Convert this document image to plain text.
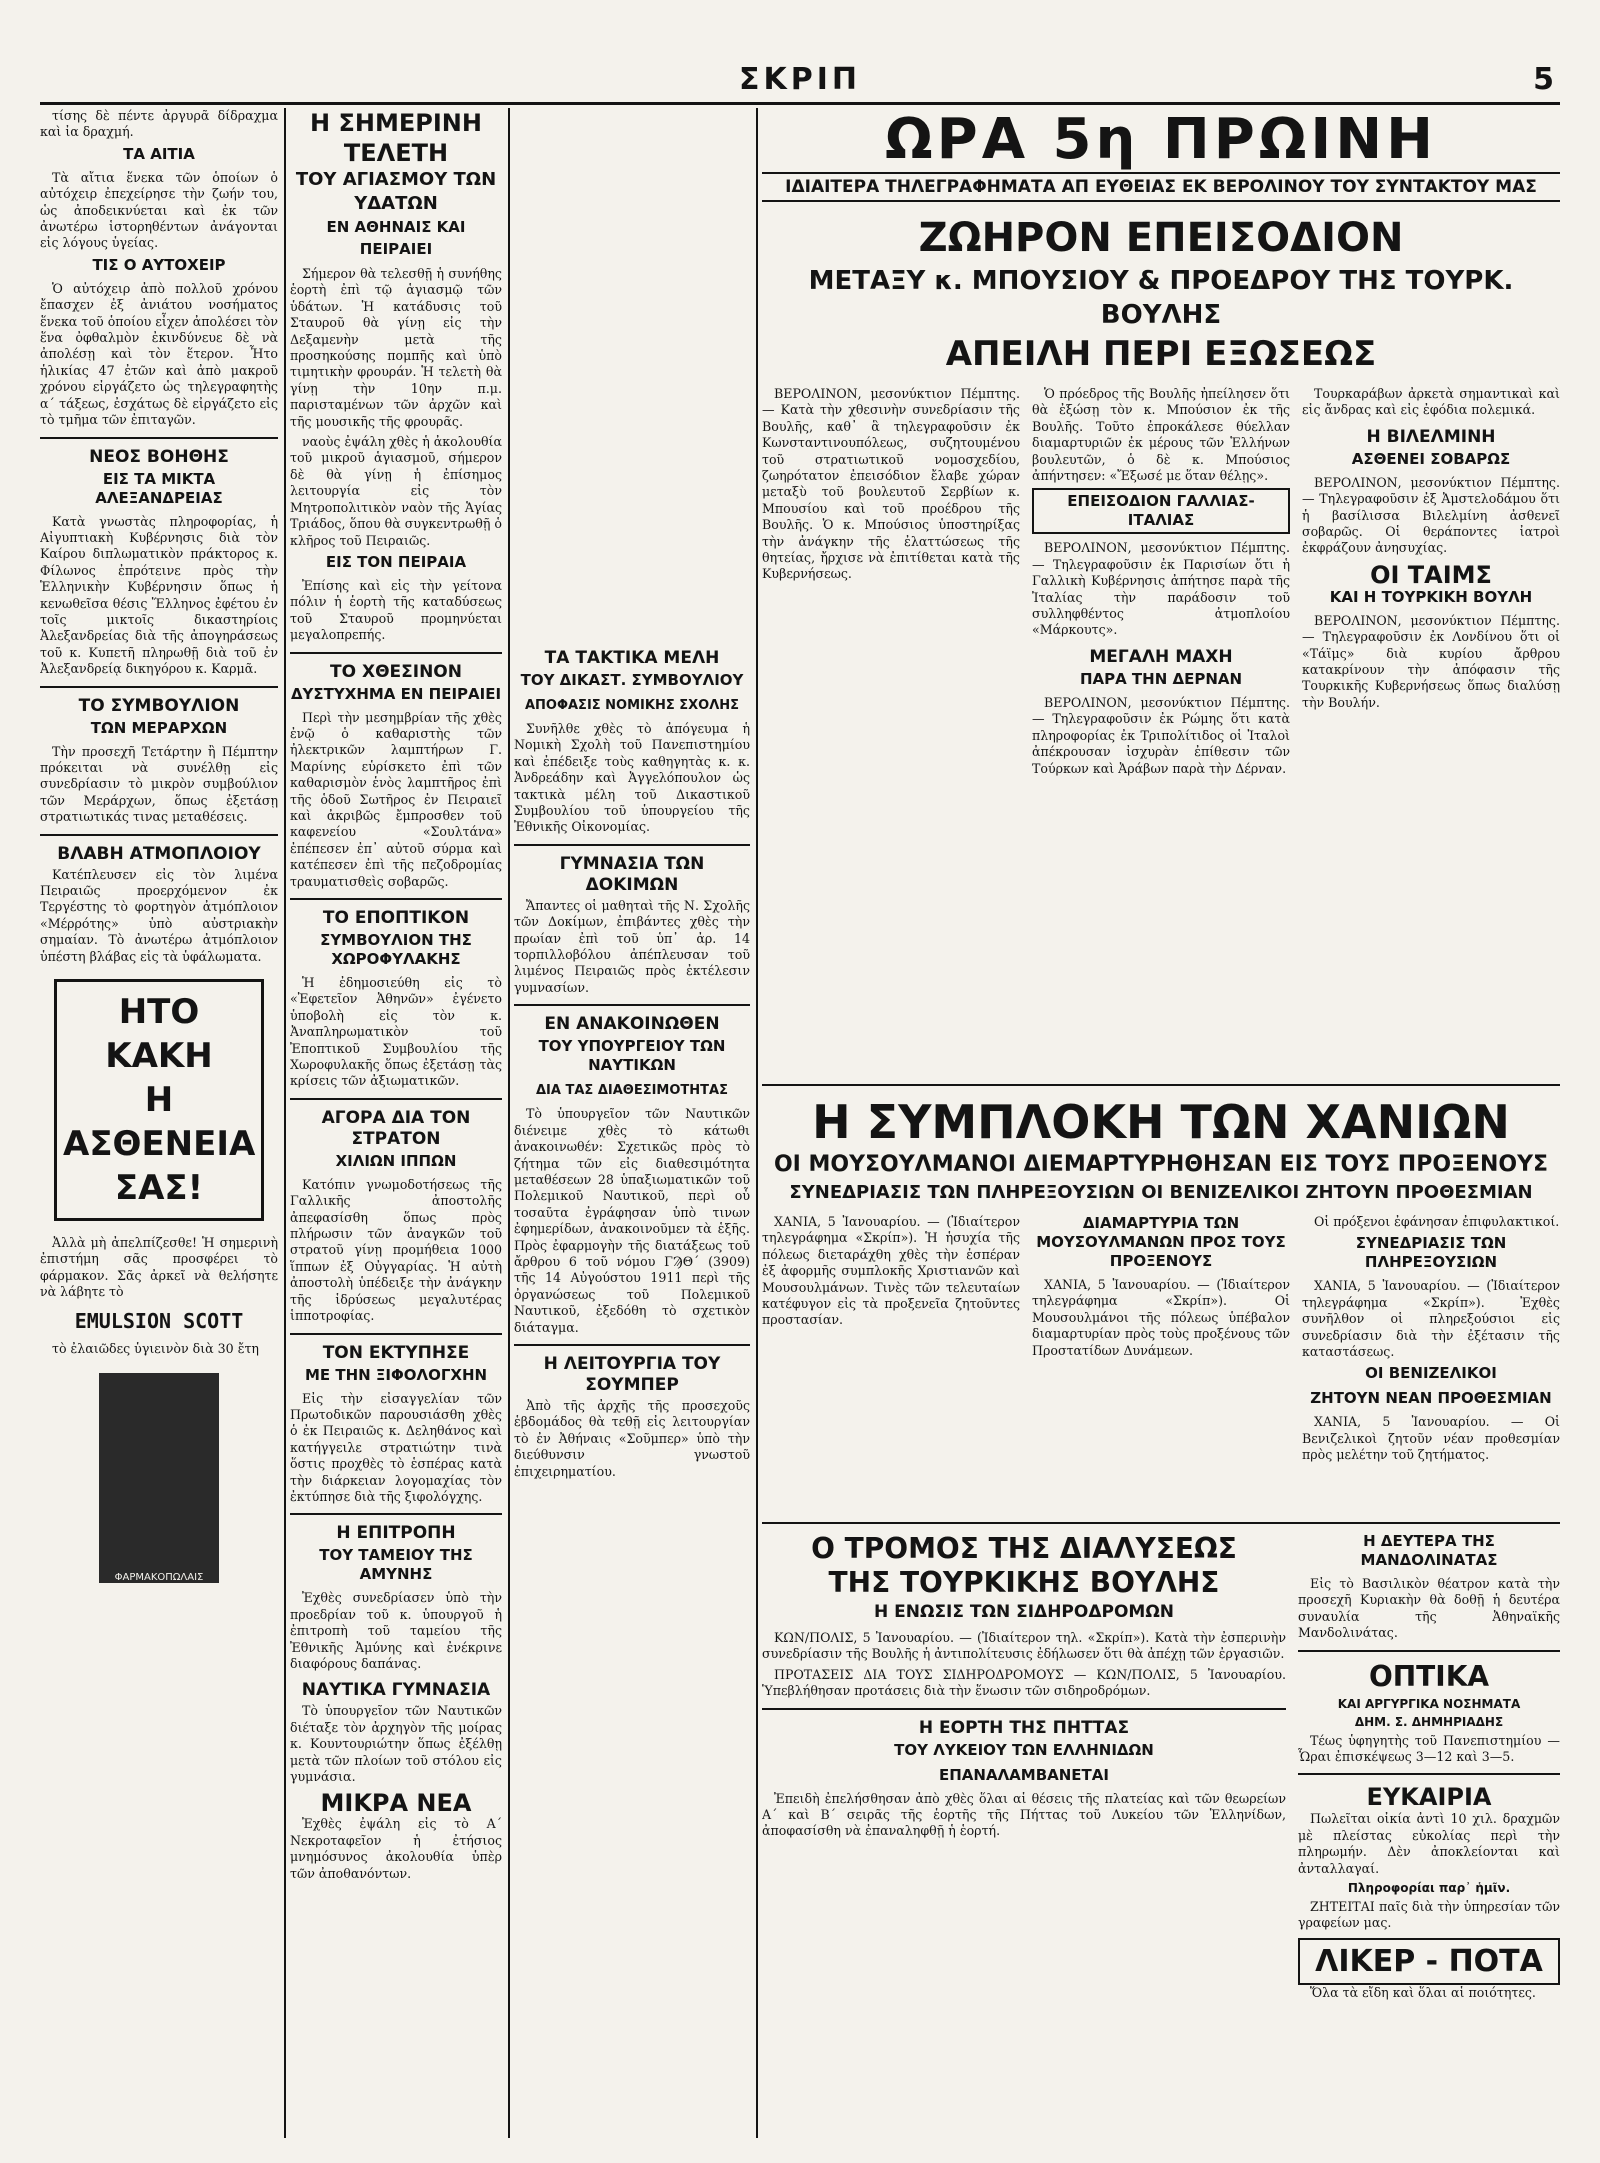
ΣΚΡΙΠ	5

τίσης δὲ πέντε ἀργυρᾶ δίδραχμα καὶ ἰα δραχμή.

ΤΑ ΑΙΤΙΑ

Τὰ αἴτια ἕνεκα τῶν ὁποίων ὁ αὐτόχειρ ἐπεχείρησε τὴν ζωήν του, ὡς ἀποδεικνύεται καὶ ἐκ τῶν ἀνωτέρω ἱστορηθέντων ἀνάγονται εἰς λόγους ὑγείας.

ΤΙΣ Ο ΑΥΤΟΧΕΙΡ

Ὁ αὐτόχειρ ἀπὸ πολλοῦ χρόνου ἔπασχεν ἐξ ἀνιάτου νοσήματος ἕνεκα τοῦ ὁποίου εἶχεν ἀπολέσει τὸν ἕνα ὀφθαλμὸν ἐκινδύνευε δὲ νὰ ἀπολέσῃ καὶ τὸν ἕτερον. Ἦτο ἡλικίας 47 ἐτῶν καὶ ἀπὸ μακροῦ χρόνου εἰργάζετο ὡς τηλεγραφητὴς α΄ τάξεως, ἐσχάτως δὲ εἰργάζετο εἰς τὸ τμῆμα τῶν ἐπιταγῶν.

ΝΕΟΣ ΒΟΗΘΗΣ
ΕΙΣ ΤΑ ΜΙΚΤΑ ΑΛΕΞΑΝΔΡΕΙΑΣ

Κατὰ γνωστὰς πληροφορίας, ἡ Αἰγυπτιακὴ Κυβέρνησις διὰ τὸν Καίρου διπλωματικὸν πράκτορος κ. Φίλωνος ἐπρότεινε πρὸς τὴν Ἑλληνικὴν Κυβέρνησιν ὅπως ἡ κενωθεῖσα θέσις Ἕλληνος ἐφέτου ἐν τοῖς μικτοῖς δικαστηρίοις Ἀλεξανδρείας διὰ τῆς ἀπογηράσεως τοῦ κ. Κυπετῆ πληρωθῇ διὰ τοῦ ἐν Ἀλεξανδρείᾳ δικηγόρου κ. Καρμᾶ.

ΤΟ ΣΥΜΒΟΥΛΙΟΝ
ΤΩΝ ΜΕΡΑΡΧΩΝ

Τὴν προσεχῆ Τετάρτην ἢ Πέμπτην πρόκειται νὰ συνέλθῃ εἰς συνεδρίασιν τὸ μικρὸν συμβούλιον τῶν Μεράρχων, ὅπως ἐξετάσῃ στρατιωτικάς τινας μεταθέσεις.

ΒΛΑΒΗ ΑΤΜΟΠΛΟΙΟΥ

Κατέπλευσεν εἰς τὸν λιμένα Πειραιῶς προερχόμενον ἐκ Τεργέστης τὸ φορτηγὸν ἀτμόπλοιον «Μέρρότης» ὑπὸ αὐστριακὴν σημαίαν. Τὸ ἀνωτέρω ἀτμόπλοιον ὑπέστη βλάβας εἰς τὰ ὑφάλωματα.

ΗΤΟ ΚΑΚΗ
Η ΑΣΘΕΝΕΙΑ
ΣΑΣ!

Ἀλλὰ μὴ ἀπελπίζεσθε! Ἡ σημερινὴ ἐπιστήμη σᾶς προσφέρει τὸ φάρμακον. Σᾶς ἀρκεῖ νὰ θελήσητε νὰ λάβητε τὸ

EMULSION SCOTT

τὸ ἐλαιῶδες ὑγιεινὸν διὰ 30 ἔτη

ΦΑΡΜΑΚΟΠΩΛΑΙΣ
Η ΣΗΜΕΡΙΝΗ ΤΕΛΕΤΗ
ΤΟΥ ΑΓΙΑΣΜΟΥ ΤΩΝ ΥΔΑΤΩΝ
ΕΝ ΑΘΗΝΑΙΣ ΚΑΙ ΠΕΙΡΑΙΕΙ

Σήμερον θὰ τελεσθῇ ἡ συνήθης ἑορτὴ ἐπὶ τῷ ἁγιασμῷ τῶν ὑδάτων. Ἡ κατάδυσις τοῦ Σταυροῦ θὰ γίνῃ εἰς τὴν Δεξαμενὴν μετὰ τῆς προσηκούσης πομπῆς καὶ ὑπὸ τιμητικὴν φρουράν. Ἡ τελετὴ θὰ γίνῃ τὴν 10ην π.μ. παρισταμένων τῶν ἀρχῶν καὶ τῆς μουσικῆς τῆς φρουρᾶς.

ναοὺς ἐψάλη χθὲς ἡ ἀκολουθία τοῦ μικροῦ ἁγιασμοῦ, σήμερον δὲ θὰ γίνῃ ἡ ἐπίσημος λειτουργία εἰς τὸν Μητροπολιτικὸν ναὸν τῆς Ἁγίας Τριάδος, ὅπου θὰ συγκεντρωθῇ ὁ κλῆρος τοῦ Πειραιῶς.

ΕΙΣ ΤΟΝ ΠΕΙΡΑΙΑ

Ἐπίσης καὶ εἰς τὴν γείτονα πόλιν ἡ ἑορτὴ τῆς καταδύσεως τοῦ Σταυροῦ προμηνύεται μεγαλοπρεπής.

ΤΟ ΧΘΕΣΙΝΟΝ
ΔΥΣΤΥΧΗΜΑ ΕΝ ΠΕΙΡΑΙΕΙ

Περὶ τὴν μεσημβρίαν τῆς χθὲς ἐνῷ ὁ καθαριστὴς τῶν ἠλεκτρικῶν λαμπτήρων Γ. Μαρίνης εὑρίσκετο ἐπὶ τῶν καθαρισμὸν ἑνὸς λαμπτῆρος ἐπὶ τῆς ὁδοῦ Σωτῆρος ἐν Πειραιεῖ καὶ ἀκριβῶς ἔμπροσθεν τοῦ καφενείου «Σουλτάνα» ἐπέπεσεν ἐπ᾽ αὐτοῦ σύρμα καὶ κατέπεσεν ἐπὶ τῆς πεζοδρομίας τραυματισθεὶς σοβαρῶς.

ΤΟ ΕΠΟΠΤΙΚΟΝ
ΣΥΜΒΟΥΛΙΟΝ ΤΗΣ ΧΩΡΟΦΥΛΑΚΗΣ

Ἡ ἐδημοσιεύθη εἰς τὸ «Ἐφετεῖον Ἀθηνῶν» ἐγένετο ὑποβολὴ εἰς τὸν κ. Ἀναπληρωματικὸν τοῦ Ἐποπτικοῦ Συμβουλίου τῆς Χωροφυλακῆς ὅπως ἐξετάσῃ τὰς κρίσεις τῶν ἀξιωματικῶν.

ΑΓΟΡΑ ΔΙΑ ΤΟΝ ΣΤΡΑΤΟΝ
ΧΙΛΙΩΝ ΙΠΠΩΝ

Κατόπιν γνωμοδοτήσεως τῆς Γαλλικῆς ἀποστολῆς ἀπεφασίσθη ὅπως πρὸς πλήρωσιν τῶν ἀναγκῶν τοῦ στρατοῦ γίνῃ προμήθεια 1000 ἵππων ἐξ Οὐγγαρίας. Ἡ αὐτὴ ἀποστολὴ ὑπέδειξε τὴν ἀνάγκην τῆς ἱδρύσεως μεγαλυτέρας ἱπποτροφίας.

ΤΟΝ ΕΚΤΥΠΗΣΕ
ΜΕ ΤΗΝ ΞΙΦΟΛΟΓΧΗΝ

Εἰς τὴν εἰσαγγελίαν τῶν Πρωτοδικῶν παρουσιάσθη χθὲς ὁ ἐκ Πειραιῶς κ. Δεληθάνος καὶ κατήγγειλε στρατιώτην τινὰ ὅστις προχθὲς τὸ ἑσπέρας κατὰ τὴν διάρκειαν λογομαχίας τὸν ἐκτύπησε διὰ τῆς ξιφολόγχης.

Η ΕΠΙΤΡΟΠΗ
ΤΟΥ ΤΑΜΕΙΟΥ ΤΗΣ ΑΜΥΝΗΣ

Ἐχθὲς συνεδρίασεν ὑπὸ τὴν προεδρίαν τοῦ κ. ὑπουργοῦ ἡ ἐπιτροπὴ τοῦ ταμείου τῆς Ἐθνικῆς Ἀμύνης καὶ ἐνέκρινε διαφόρους δαπάνας.

ΝΑΥΤΙΚΑ ΓΥΜΝΑΣΙΑ

Τὸ ὑπουργεῖον τῶν Ναυτικῶν διέταξε τὸν ἀρχηγὸν τῆς μοίρας κ. Κουντουριώτην ὅπως ἐξέλθῃ μετὰ τῶν πλοίων τοῦ στόλου εἰς γυμνάσια.

ΜΙΚΡΑ ΝΕΑ

Ἐχθὲς ἐψάλη εἰς τὸ Α΄ Νεκροταφεῖον ἡ ἐτήσιος μνημόσυνος ἀκολουθία ὑπὲρ τῶν ἀποθανόντων.

ΤΑ ΤΑΚΤΙΚΑ ΜΕΛΗ
ΤΟΥ ΔΙΚΑΣΤ. ΣΥΜΒΟΥΛΙΟΥ
ΑΠΟΦΑΣΙΣ ΝΟΜΙΚΗΣ ΣΧΟΛΗΣ

Συνῆλθε χθὲς τὸ ἀπόγευμα ἡ Νομικὴ Σχολὴ τοῦ Πανεπιστημίου καὶ ἐπέδειξε τοὺς καθηγητὰς κ. κ. Ἀνδρεάδην καὶ Ἀγγελόπουλον ὡς τακτικὰ μέλη τοῦ Δικαστικοῦ Συμβουλίου τοῦ ὑπουργείου τῆς Ἐθνικῆς Οἰκονομίας.

ΓΥΜΝΑΣΙΑ ΤΩΝ ΔΟΚΙΜΩΝ

Ἄπαντες οἱ μαθηταὶ τῆς Ν. Σχολῆς τῶν Δοκίμων, ἐπιβάντες χθὲς τὴν πρωίαν ἐπὶ τοῦ ὑπ᾽ ἀρ. 14 τορπιλλοβόλου ἀπέπλευσαν τοῦ λιμένος Πειραιῶς πρὸς ἐκτέλεσιν γυμνασίων.

ΕΝ ΑΝΑΚΟΙΝΩΘΕΝ
ΤΟΥ ΥΠΟΥΡΓΕΙΟΥ ΤΩΝ ΝΑΥΤΙΚΩΝ
ΔΙΑ ΤΑΣ ΔΙΑΘΕΣΙΜΟΤΗΤΑΣ

Τὸ ὑπουργεῖον τῶν Ναυτικῶν διένειμε χθὲς τὸ κάτωθι ἀνακοινωθέν: Σχετικῶς πρὸς τὸ ζήτημα τῶν εἰς διαθεσιμότητα μεταθέσεων 28 ὑπαξιωματικῶν τοῦ Πολεμικοῦ Ναυτικοῦ, περὶ οὗ τοσαῦτα ἐγράφησαν ὑπὸ τινων ἐφημερίδων, ἀνακοινοῦμεν τὰ ἑξῆς. Πρὸς ἐφαρμογὴν τῆς διατάξεως τοῦ ἄρθρου 6 τοῦ νόμου ΓϠΘ΄ (3909) τῆς 14 Αὐγούστου 1911 περὶ τῆς ὀργανώσεως τοῦ Πολεμικοῦ Ναυτικοῦ, ἐξεδόθη τὸ σχετικὸν διάταγμα.

Η ΛΕΙΤΟΥΡΓΙΑ ΤΟΥ ΣΟΥΜΠΕΡ

Ἀπὸ τῆς ἀρχῆς τῆς προσεχοῦς ἑβδομάδος θὰ τεθῇ εἰς λειτουργίαν τὸ ἐν Ἀθήναις «Σοῦμπερ» ὑπὸ τὴν διεύθυνσιν γνωστοῦ ἐπιχειρηματίου.

ΩΡΑ 5η ΠΡΩΙΝΗ
ΙΔΙΑΙΤΕΡΑ ΤΗΛΕΓΡΑΦΗΜΑΤΑ ΑΠ ΕΥΘΕΙΑΣ ΕΚ ΒΕΡΟΛΙΝΟΥ ΤΟΥ ΣΥΝΤΑΚΤΟΥ ΜΑΣ
ΖΩΗΡΟΝ ΕΠΕΙΣΟΔΙΟΝ
ΜΕΤΑΞΥ κ. ΜΠΟΥΣΙΟΥ & ΠΡΟΕΔΡΟΥ ΤΗΣ ΤΟΥΡΚ. ΒΟΥΛΗΣ
ΑΠΕΙΛΗ ΠΕΡΙ ΕΞΩΣΕΩΣ

ΒΕΡΟΛΙΝΟΝ, μεσονύκτιον Πέμπτης. — Κατὰ τὴν χθεσινὴν συνεδρίασιν τῆς Βουλῆς, καθ᾽ ἃ τηλεγραφοῦσιν ἐκ Κωνσταντινουπόλεως, συζητουμένου τοῦ στρατιωτικοῦ νομοσχεδίου, ζωηρότατον ἐπεισόδιον ἔλαβε χώραν μεταξὺ τοῦ βουλευτοῦ Σερβίων κ. Μπουσίου καὶ τοῦ προέδρου τῆς Βουλῆς. Ὁ κ. Μπούσιος ὑποστηρίξας τὴν ἀνάγκην τῆς ἐλαττώσεως τῆς θητείας, ἤρχισε νὰ ἐπιτίθεται κατὰ τῆς Κυβερνήσεως.

Ὁ πρόεδρος τῆς Βουλῆς ἠπείλησεν ὅτι θὰ ἐξώσῃ τὸν κ. Μπούσιον ἐκ τῆς Βουλῆς. Τοῦτο ἐπροκάλεσε θύελλαν διαμαρτυριῶν ἐκ μέρους τῶν Ἑλλήνων βουλευτῶν, ὁ δὲ κ. Μπούσιος ἀπήντησεν: «Ἔξωσέ με ὅταν θέλῃς».

ΕΠΕΙΣΟΔΙΟΝ ΓΑΛΛΙΑΣ-ΙΤΑΛΙΑΣ

ΒΕΡΟΛΙΝΟΝ, μεσονύκτιον Πέμπτης. — Τηλεγραφοῦσιν ἐκ Παρισίων ὅτι ἡ Γαλλικὴ Κυβέρνησις ἀπήτησε παρὰ τῆς Ἰταλίας τὴν παράδοσιν τοῦ συλληφθέντος ἀτμοπλοίου «Μάρκουτς».

ΜΕΓΑΛΗ ΜΑΧΗ
ΠΑΡΑ ΤΗΝ ΔΕΡΝΑΝ

ΒΕΡΟΛΙΝΟΝ, μεσονύκτιον Πέμπτης. — Τηλεγραφοῦσιν ἐκ Ρώμης ὅτι κατὰ πληροφορίας ἐκ Τριπολίτιδος οἱ Ἰταλοὶ ἀπέκρουσαν ἰσχυρὰν ἐπίθεσιν τῶν Τούρκων καὶ Ἀράβων παρὰ τὴν Δέρναν.

Τουρκαράβων ἀρκετὰ σημαντικαὶ καὶ εἰς ἄνδρας καὶ εἰς ἐφόδια πολεμικά.

Η ΒΙΛΕΛΜΙΝΗ
ΑΣΘΕΝΕΙ ΣΟΒΑΡΩΣ

ΒΕΡΟΛΙΝΟΝ, μεσονύκτιον Πέμπτης. — Τηλεγραφοῦσιν ἐξ Ἀμστελοδάμου ὅτι ἡ βασίλισσα Βιλελμίνη ἀσθενεῖ σοβαρῶς. Οἱ θεράποντες ἰατροὶ ἐκφράζουν ἀνησυχίας.

ΟΙ ΤΑΙΜΣ
ΚΑΙ Η ΤΟΥΡΚΙΚΗ ΒΟΥΛΗ

ΒΕΡΟΛΙΝΟΝ, μεσονύκτιον Πέμπτης. — Τηλεγραφοῦσιν ἐκ Λονδίνου ὅτι οἱ «Τάϊμς» διὰ κυρίου ἄρθρου κατακρίνουν τὴν ἀπόφασιν τῆς Τουρκικῆς Κυβερνήσεως ὅπως διαλύσῃ τὴν Βουλήν.

Η ΣΥΜΠΛΟΚΗ ΤΩΝ ΧΑΝΙΩΝ
ΟΙ ΜΟΥΣΟΥΛΜΑΝΟΙ ΔΙΕΜΑΡΤΥΡΗΘΗΣΑΝ ΕΙΣ ΤΟΥΣ ΠΡΟΞΕΝΟΥΣ
ΣΥΝΕΔΡΙΑΣΙΣ ΤΩΝ ΠΛΗΡΕΞΟΥΣΙΩΝ ΟΙ ΒΕΝΙΖΕΛΙΚΟΙ ΖΗΤΟΥΝ ΠΡΟΘΕΣΜΙΑΝ

ΧΑΝΙΑ, 5 Ἰανουαρίου. — (Ἰδιαίτερον τηλεγράφημα «Σκρίπ»). Ἡ ἡσυχία τῆς πόλεως διεταράχθη χθὲς τὴν ἑσπέραν ἐξ ἀφορμῆς συμπλοκῆς Χριστιανῶν καὶ Μουσουλμάνων. Τινὲς τῶν τελευταίων κατέφυγον εἰς τὰ προξενεῖα ζητοῦντες προστασίαν.

ΔΙΑΜΑΡΤΥΡΙΑ ΤΩΝ ΜΟΥΣΟΥΛΜΑΝΩΝ ΠΡΟΣ ΤΟΥΣ ΠΡΟΞΕΝΟΥΣ

ΧΑΝΙΑ, 5 Ἰανουαρίου. — (Ἰδιαίτερον τηλεγράφημα «Σκρίπ»). Οἱ Μουσουλμάνοι τῆς πόλεως ὑπέβαλον διαμαρτυρίαν πρὸς τοὺς προξένους τῶν Προστατίδων Δυνάμεων.

Οἱ πρόξενοι ἐφάνησαν ἐπιφυλακτικοί.

ΣΥΝΕΔΡΙΑΣΙΣ ΤΩΝ ΠΛΗΡΕΞΟΥΣΙΩΝ

ΧΑΝΙΑ, 5 Ἰανουαρίου. — (Ἰδιαίτερον τηλεγράφημα «Σκρίπ»). Ἐχθὲς συνῆλθον οἱ πληρεξούσιοι εἰς συνεδρίασιν διὰ τὴν ἐξέτασιν τῆς καταστάσεως.

ΟΙ ΒΕΝΙΖΕΛΙΚΟΙ
ΖΗΤΟΥΝ ΝΕΑΝ ΠΡΟΘΕΣΜΙΑΝ

ΧΑΝΙΑ, 5 Ἰανουαρίου. — Οἱ Βενιζελικοὶ ζητοῦν νέαν προθεσμίαν πρὸς μελέτην τοῦ ζητήματος.

Ο ΤΡΟΜΟΣ ΤΗΣ ΔΙΑΛΥΣΕΩΣ
ΤΗΣ ΤΟΥΡΚΙΚΗΣ ΒΟΥΛΗΣ
Η ΕΝΩΣΙΣ ΤΩΝ ΣΙΔΗΡΟΔΡΟΜΩΝ

ΚΩΝ/ΠΟΛΙΣ, 5 Ἰανουαρίου. — (Ἰδιαίτερον τηλ. «Σκρίπ»). Κατὰ τὴν ἐσπερινὴν συνεδρίασιν τῆς Βουλῆς ἡ ἀντιπολίτευσις ἐδήλωσεν ὅτι θὰ ἀπέχῃ τῶν ἐργασιῶν.

ΠΡΟΤΑΣΕΙΣ ΔΙΑ ΤΟΥΣ ΣΙΔΗΡΟΔΡΟΜΟΥΣ — ΚΩΝ/ΠΟΛΙΣ, 5 Ἰανουαρίου. Ὑπεβλήθησαν προτάσεις διὰ τὴν ἕνωσιν τῶν σιδηροδρόμων.

Η ΕΟΡΤΗ ΤΗΣ ΠΗΤΤΑΣ
ΤΟΥ ΛΥΚΕΙΟΥ ΤΩΝ ΕΛΛΗΝΙΔΩΝ
ΕΠΑΝΑΛΑΜΒΑΝΕΤΑΙ

Ἐπειδὴ ἐπελήσθησαν ἀπὸ χθὲς ὅλαι αἱ θέσεις τῆς πλατείας καὶ τῶν θεωρείων Α΄ καὶ Β΄ σειρᾶς τῆς ἑορτῆς τῆς Πήττας τοῦ Λυκείου τῶν Ἑλληνίδων, ἀποφασίσθη νὰ ἐπαναληφθῇ ἡ ἑορτή.

Η ΔΕΥΤΕΡΑ ΤΗΣ ΜΑΝΔΟΛΙΝΑΤΑΣ

Εἰς τὸ Βασιλικὸν θέατρον κατὰ τὴν προσεχῆ Κυριακὴν θὰ δοθῇ ἡ δευτέρα συναυλία τῆς Ἀθηναϊκῆς Μανδολινάτας.

ΟΠΤΙΚΑ
ΚΑΙ ΑΡΓΥΡΓΙΚΑ ΝΟΣΗΜΑΤΑ
ΔΗΜ. Σ. ΔΗΜΗΡΙΑΔΗΣ

Τέως ὑφηγητὴς τοῦ Πανεπιστημίου — Ὧραι ἐπισκέψεως 3—12 καὶ 3—5.

ΕΥΚΑΙΡΙΑ

Πωλεῖται οἰκία ἀντὶ 10 χιλ. δραχμῶν μὲ πλείστας εὐκολίας περὶ τὴν πληρωμήν. Δὲν ἀποκλείονται καὶ ἀνταλλαγαί.

Πληροφορίαι παρ᾽ ἡμῖν.

ΖΗΤΕΙΤΑΙ παῖς διὰ τὴν ὑπηρεσίαν τῶν γραφείων μας.

ΛΙΚΕΡ - ΠΟΤΑ

Ὅλα τὰ εἴδη καὶ ὅλαι αἱ ποιότητες.
